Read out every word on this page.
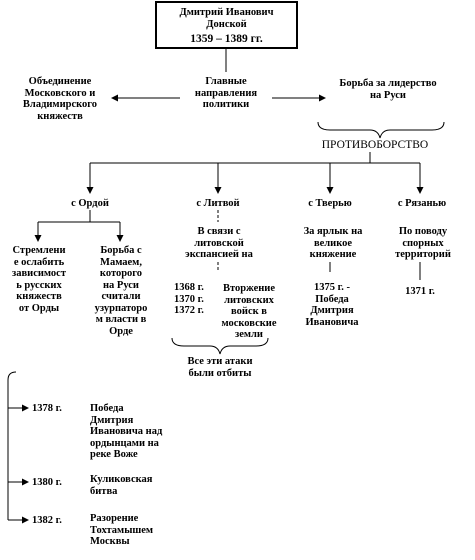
Дмитрий Иванович
Донской
1359 – 1389 гг.
Объединение
Московского и
Владимирского
княжеств
Главные
направления
политики
Борьба за лидерство
на Руси
ПРОТИВОБОРСТВО
с Ордой	с Литвой	с Тверью	с Рязанью
Стремлени
е ослабить
зависимост
ь русских
княжеств
от Орды
Борьба с
Мамаем,
которого
на Руси
считали
узурпаторо
м власти в
Орде
В связи с
литовской
экспансией на
1368 г.
1370 г.
1372 г.
Вторжение
литовских
войск в
московские
земли
Все эти атаки
были отбиты
За ярлык на
великое
княжение
1375 г. -
Победа
Дмитрия
Ивановича
По поводу
спорных
территорий
1371 г.
1378 г.	Победа
Дмитрия
Ивановича над
ордынцами на
реке Воже
1380 г.	Куликовская
битва
1382 г.	Разорение
Тохтамышем
Москвы
